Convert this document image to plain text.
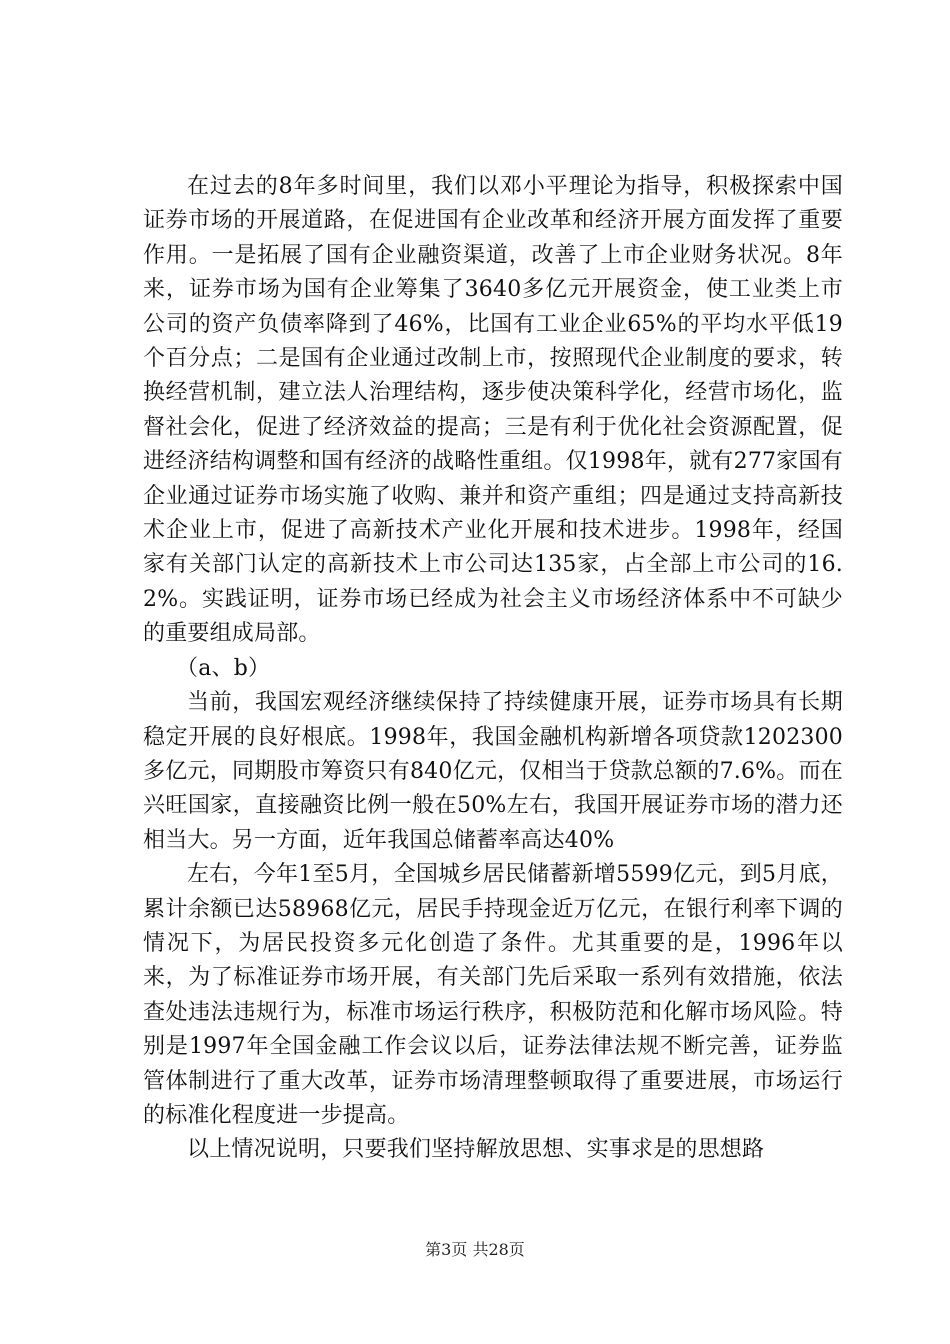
在过去的8年多时间里，我们以邓小平理论为指导，积极探索中国证券市场的开展道路，在促进国有企业改革和经济开展方面发挥了重要作用。一是拓展了国有企业融资渠道，改善了上市企业财务状况。8年来，证券市场为国有企业筹集了3640多亿元开展资金，使工业类上市公司的资产负债率降到了46%，比国有工业企业65%的平均水平低19个百分点；二是国有企业通过改制上市，按照现代企业制度的要求，转换经营机制，建立法人治理结构，逐步使决策科学化，经营市场化，监督社会化，促进了经济效益的提高；三是有利于优化社会资源配置，促进经济结构调整和国有经济的战略性重组。仅1998年，就有277家国有企业通过证券市场实施了收购、兼并和资产重组；四是通过支持高新技术企业上市，促进了高新技术产业化开展和技术进步。1998年，经国家有关部门认定的高新技术上市公司达135家，占全部上市公司的16.2%。实践证明，证券市场已经成为社会主义市场经济体系中不可缺少的重要组成局部。

（a、b）

当前，我国宏观经济继续保持了持续健康开展，证券市场具有长期稳定开展的良好根底。1998年，我国金融机构新增各项贷款1202300多亿元，同期股市筹资只有840亿元，仅相当于贷款总额的7.6%。而在兴旺国家，直接融资比例一般在50%左右，我国开展证券市场的潜力还相当大。另一方面，近年我国总储蓄率高达40%

左右，今年1至5月，全国城乡居民储蓄新增5599亿元，到5月底，累计余额已达58968亿元，居民手持现金近万亿元，在银行利率下调的情况下，为居民投资多元化创造了条件。尤其重要的是，1996年以来，为了标准证券市场开展，有关部门先后采取一系列有效措施，依法查处违法违规行为，标准市场运行秩序，积极防范和化解市场风险。特别是1997年全国金融工作会议以后，证券法律法规不断完善，证券监管体制进行了重大改革，证券市场清理整顿取得了重要进展，市场运行的标准化程度进一步提高。

以上情况说明，只要我们坚持解放思想、实事求是的思想路

第3页 共28页
